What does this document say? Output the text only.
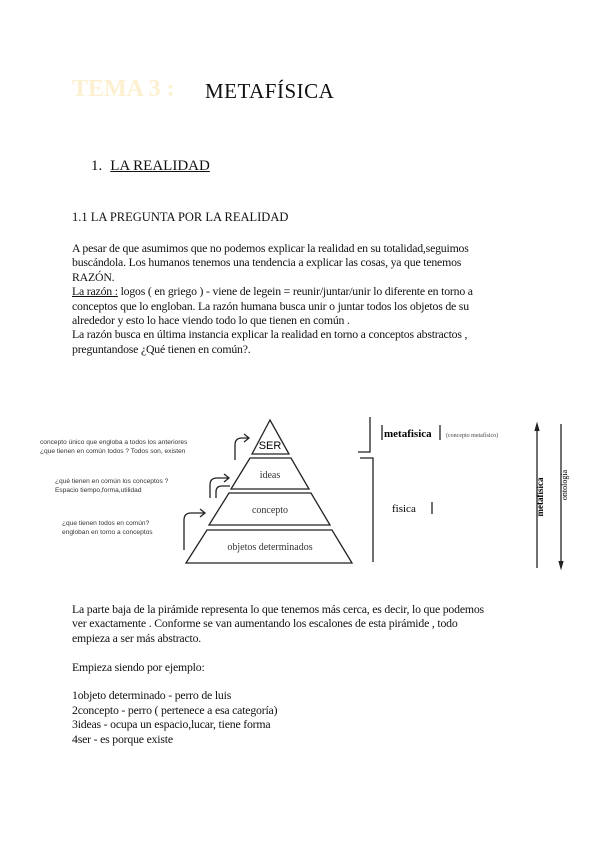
TEMA 3 : METAFÍSICA
1. LA REALIDAD
1.1 LA PREGUNTA POR LA REALIDAD

A pesar de que asumimos que no podemos explicar la realidad en su totalidad,seguimos

buscándola. Los humanos tenemos una tendencia a explicar las cosas, ya que tenemos

RAZÓN.

La razón : logos ( en griego ) - viene de legein = reunir/juntar/unir lo diferente en torno a

conceptos que lo engloban. La razón humana busca unir o juntar todos los objetos de su

alrededor y esto lo hace viendo todo lo que tienen en común .

La razón busca en última instancia explicar la realidad en torno a conceptos abstractos ,

preguntandose ¿Qué tienen en común?.

SER
ideas
concepto
objetos determinados
metafisica (concepto metafísico)
fisica	metafísica ontología
concepto único que engloba a todos los anteriores
¿que tienen en común todos ? Todos son, existen
¿qué tienen en común los conceptos ?
Espacio tiempo,forma,utilidad
¿que tienen todos en común?
engloban en torno a conceptos

La parte baja de la pirámide representa lo que tenemos más cerca, es decir, lo que podemos

ver exactamente . Conforme se van aumentando los escalones de esta pirámide , todo

empieza a ser más abstracto.

Empieza siendo por ejemplo:

1objeto determinado - perro de luis

2concepto - perro ( pertenece a esa categoría)

3ideas - ocupa un espacio,lucar, tiene forma

4ser - es porque existe
